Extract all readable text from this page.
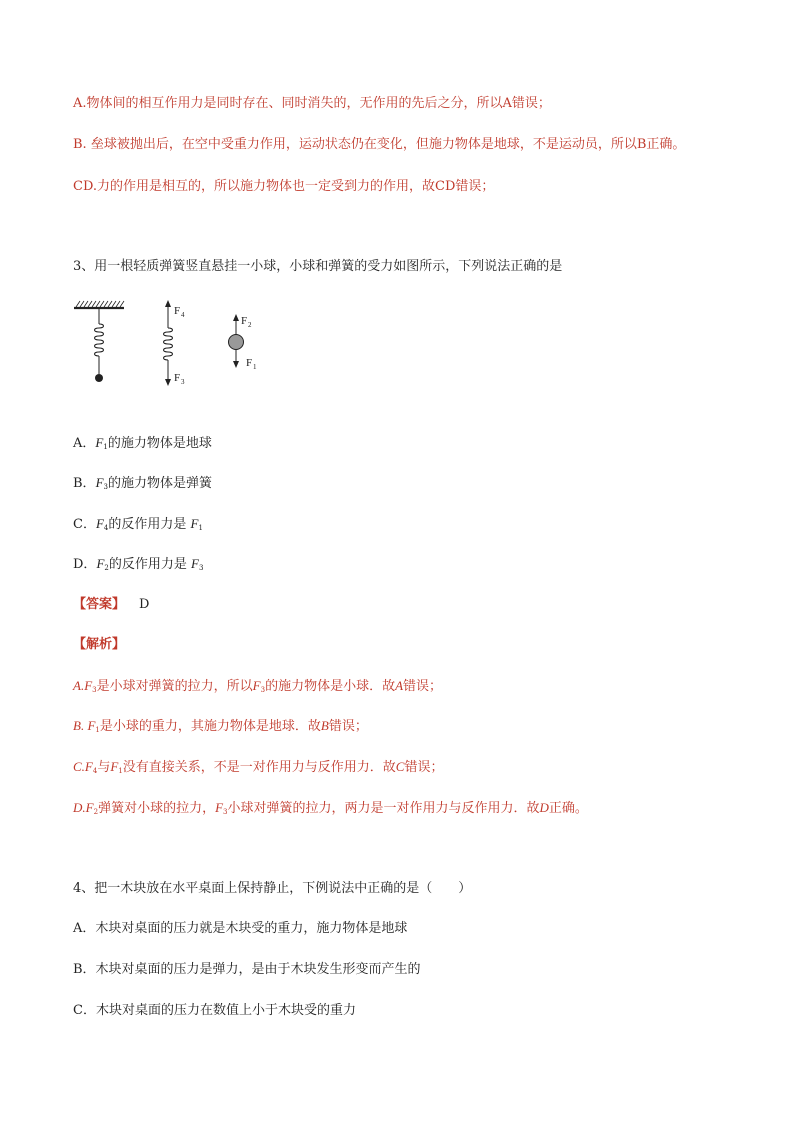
A.物体间的相互作用力是同时存在、同时消失的，无作用的先后之分，所以A错误；

B. 垒球被抛出后，在空中受重力作用，运动状态仍在变化，但施力物体是地球，不是运动员，所以B正确。

CD.力的作用是相互的，所以施力物体也一定受到力的作用，故CD错误；

3、用一根轻质弹簧竖直悬挂一小球，小球和弹簧的受力如图所示，下列说法正确的是

F 4
F 3
F 2
F 1

A．$F_1$的施力物体是地球

B．$F_3$的施力物体是弹簧

C．$F_4$的反作用力是 $F_1$

D．$F_2$的反作用力是 $F_3$

【答案】 D

【解析】

$A.F_3$是小球对弹簧的拉力，所以$F_3$的施力物体是小球．故A错误；

B. $F_1$是小球的重力，其施力物体是地球．故B错误；

$C.F_4$与$F_1$没有直接关系，不是一对作用力与反作用力．故C错误；

$D.F_2$弹簧对小球的拉力，$F_3$小球对弹簧的拉力，两力是一对作用力与反作用力．故D正确。

4、把一木块放在水平桌面上保持静止，下例说法中正确的是（　　）

A．木块对桌面的压力就是木块受的重力，施力物体是地球

B．木块对桌面的压力是弹力，是由于木块发生形变而产生的

C．木块对桌面的压力在数值上小于木块受的重力
